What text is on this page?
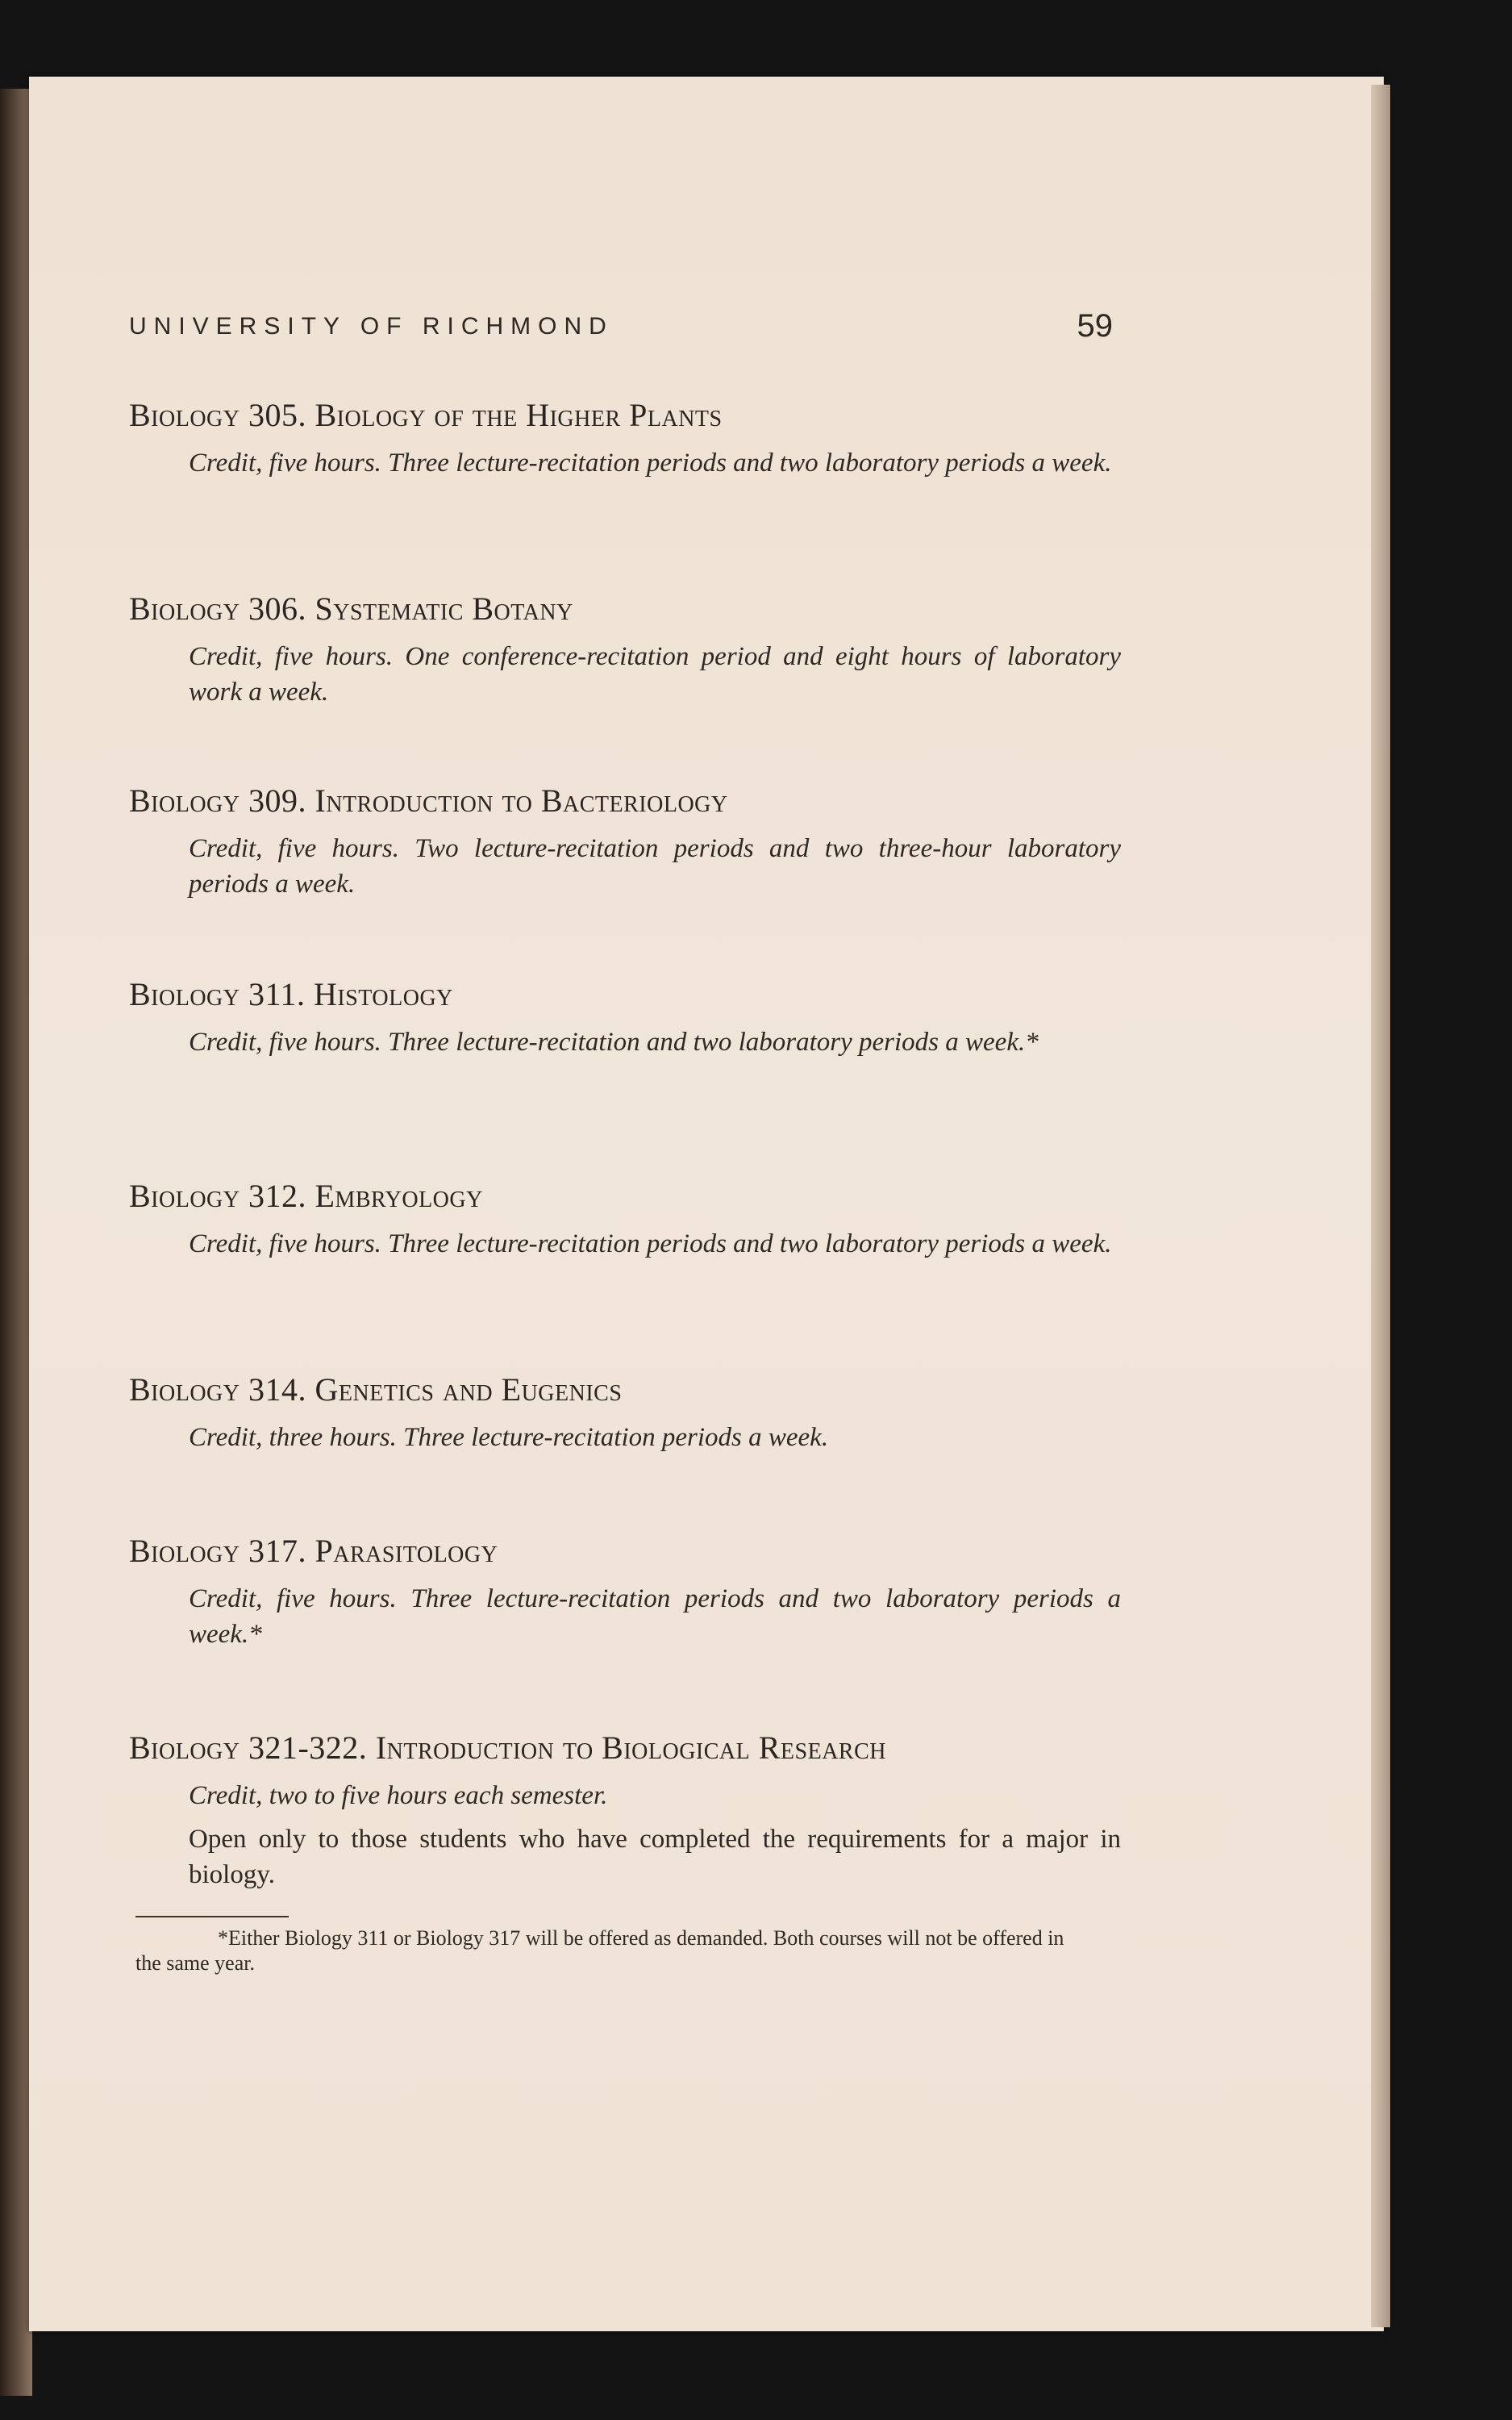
UNIVERSITY OF RICHMOND	59
Biology 305. Biology of the Higher Plants
Credit, five hours. Three lecture-recitation periods and two laboratory periods a week.
Biology 306. Systematic Botany
Credit, five hours. One conference-recitation period and eight hours of laboratory work a week.
Biology 309. Introduction to Bacteriology
Credit, five hours. Two lecture-recitation periods and two three-hour laboratory periods a week.
Biology 311. Histology
Credit, five hours. Three lecture-recitation and two laboratory periods a week.*
Biology 312. Embryology
Credit, five hours. Three lecture-recitation periods and two laboratory periods a week.
Biology 314. Genetics and Eugenics
Credit, three hours. Three lecture-recitation periods a week.
Biology 317. Parasitology
Credit, five hours. Three lecture-recitation periods and two laboratory periods a week.*
Biology 321-322. Introduction to Biological Research
Credit, two to five hours each semester.
Open only to those students who have completed the requirements for a major in biology.
*Either Biology 311 or Biology 317 will be offered as demanded. Both courses will not be offered in the same year.
